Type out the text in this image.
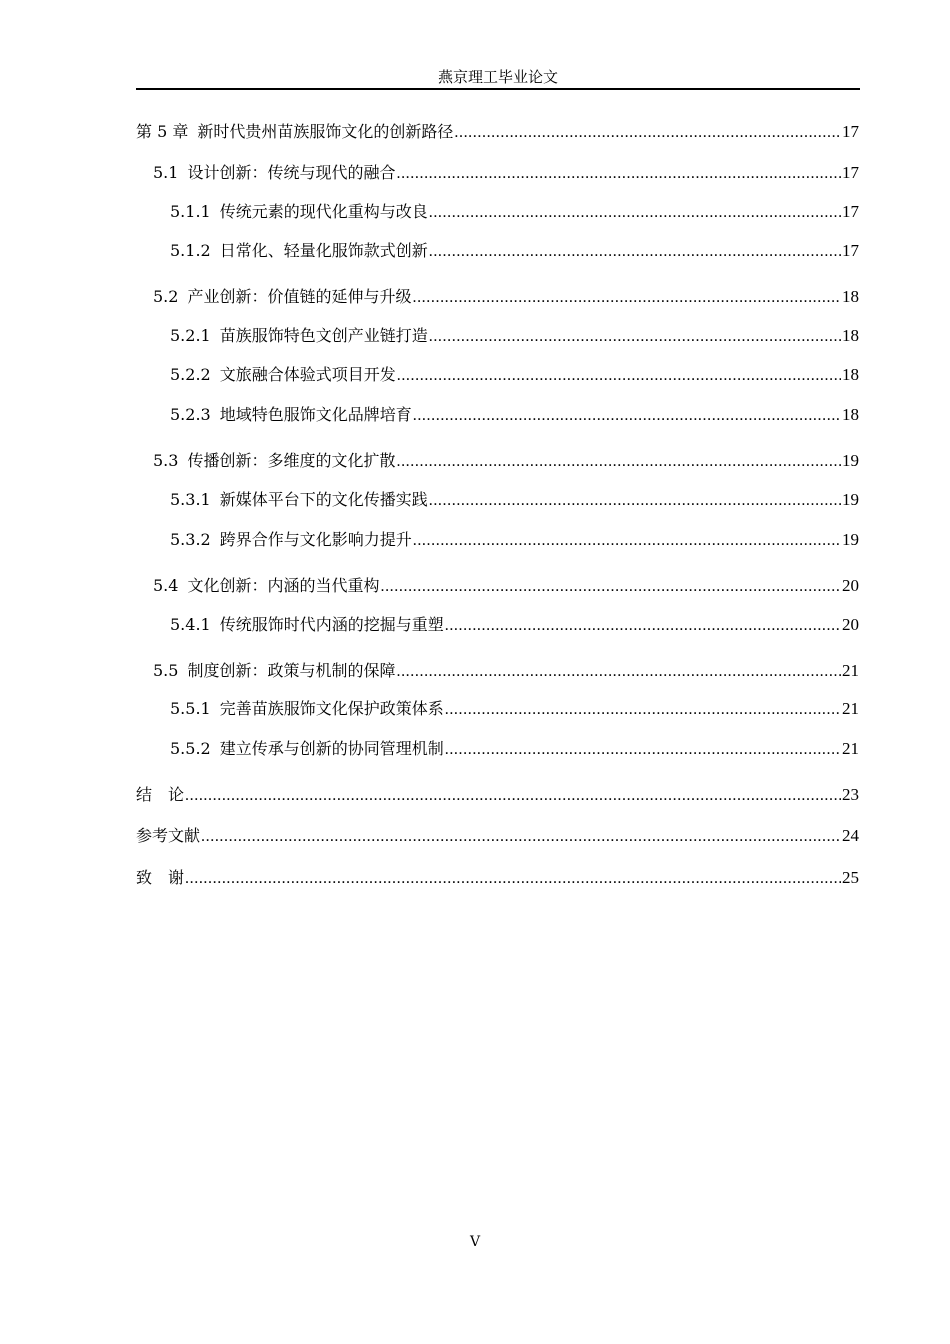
燕京理工毕业论文
第 5 章 新时代贵州苗族服饰文化的创新路径 .....	17
5.1 设计创新：传统与现代的融合 .....	17
5.1.1 传统元素的现代化重构与改良 .....	17
5.1.2 日常化、轻量化服饰款式创新 .....	17
5.2 产业创新：价值链的延伸与升级 .....	18
5.2.1 苗族服饰特色文创产业链打造 .....	18
5.2.2 文旅融合体验式项目开发 .....	18
5.2.3 地域特色服饰文化品牌培育 .....	18
5.3 传播创新：多维度的文化扩散 .....	19
5.3.1 新媒体平台下的文化传播实践 .....	19
5.3.2 跨界合作与文化影响力提升 .....	19
5.4 文化创新：内涵的当代重构 .....	20
5.4.1 传统服饰时代内涵的挖掘与重塑 .....	20
5.5 制度创新：政策与机制的保障 .....	21
5.5.1 完善苗族服饰文化保护政策体系 .....	21
5.5.2 建立传承与创新的协同管理机制 .....	21
结　论 .....	23
参考文献 .....	24
致　谢 .....	25
V
